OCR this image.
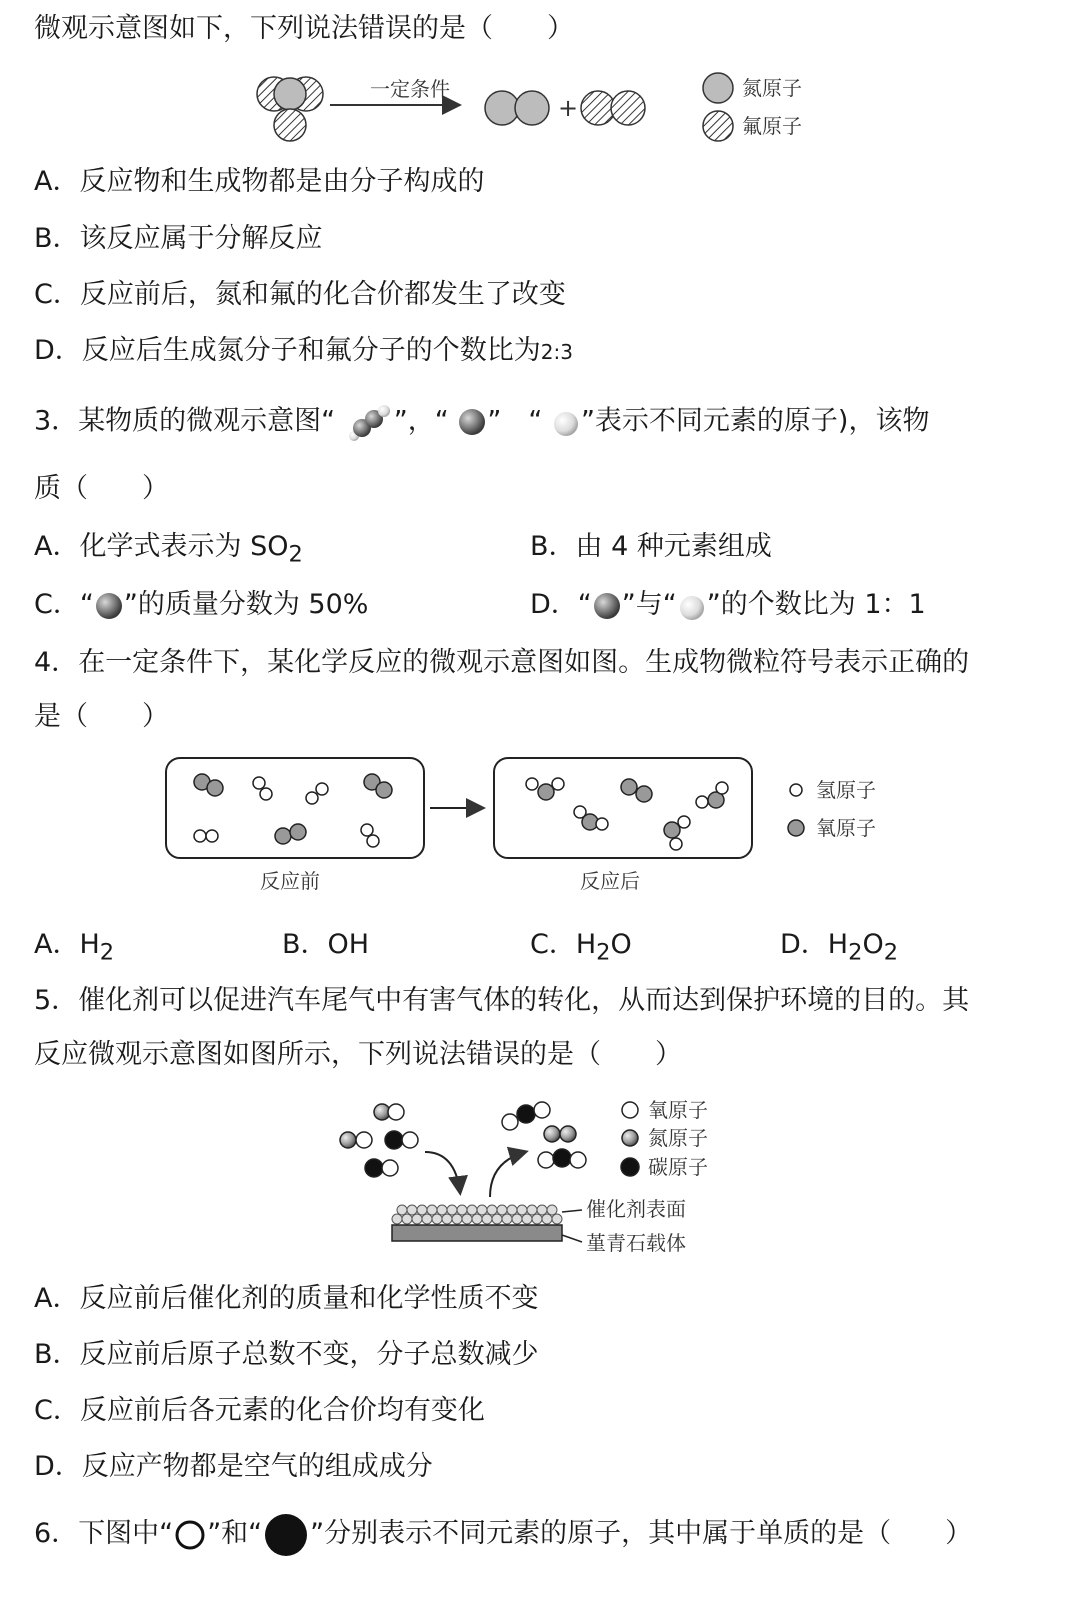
微观示意图如下，下列说法错误的是（　　）
一定条件
+
氮原子
氟原子
A．反应物和生成物都是由分子构成的
B．该反应属于分解反应
C．反应前后，氮和氟的化合价都发生了改变
D．反应后生成氮分子和氟分子的个数比为2:3
3．某物质的微观示意图“ ”，“ ”　“ ”表示不同元素的原子)，该物
质（　　）
A．化学式表示为 $SO_2$	B．由 4 种元素组成
C．“ ”的质量分数为 50%	D．“ ”与“ ”的个数比为 1：1
4．在一定条件下，某化学反应的微观示意图如图。生成物微粒符号表示正确的
是（　　）
反应前	反应后
氢原子
氧原子
A．$H_2$	B．OH	C．$H_2O$	D．$H_2O_2$
5．催化剂可以促进汽车尾气中有害气体的转化，从而达到保护环境的目的。其
反应微观示意图如图所示，下列说法错误的是（　　）
催化剂表面
堇青石载体
氧原子
氮原子
碳原子
A．反应前后催化剂的质量和化学性质不变
B．反应前后原子总数不变，分子总数减少
C．反应前后各元素的化合价均有变化
D．反应产物都是空气的组成成分
6．下图中“ ”和“ ”分别表示不同元素的原子，其中属于单质的是（　　）
